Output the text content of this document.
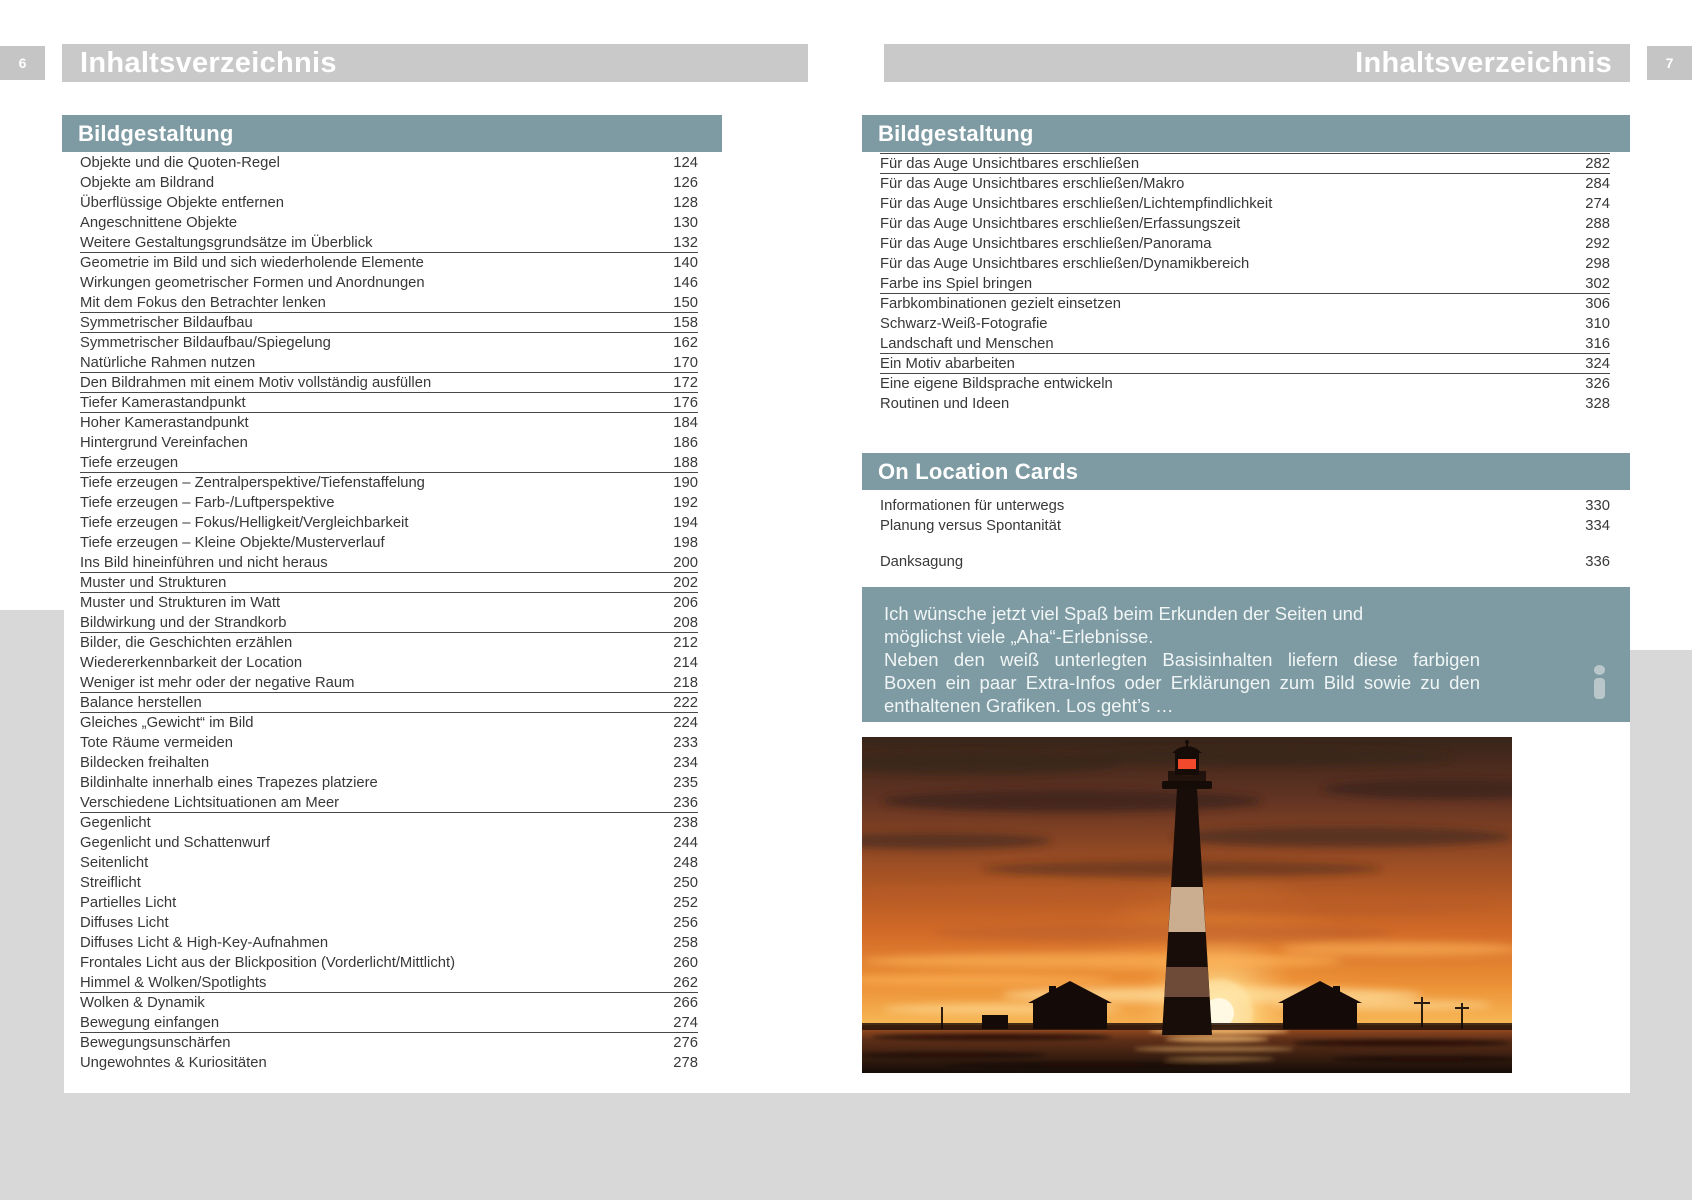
6	Inhaltsverzeichnis	7
Inhaltsverzeichnis
Bildgestaltung
Objekte und die Quoten-Regel	124
Objekte am Bildrand	126
Überflüssige Objekte entfernen	128
Angeschnittene Objekte	130
Weitere Gestaltungsgrundsätze im Überblick	132
Geometrie im Bild und sich wiederholende Elemente	140
Wirkungen geometrischer Formen und Anordnungen	146
Mit dem Fokus den Betrachter lenken	150
Symmetrischer Bildaufbau	158
Symmetrischer Bildaufbau/Spiegelung	162
Natürliche Rahmen nutzen	170
Den Bildrahmen mit einem Motiv vollständig ausfüllen	172
Tiefer Kamerastandpunkt	176
Hoher Kamerastandpunkt	184
Hintergrund Vereinfachen	186
Tiefe erzeugen	188
Tiefe erzeugen – Zentralperspektive/Tiefenstaffelung	190
Tiefe erzeugen – Farb-/Luftperspektive	192
Tiefe erzeugen – Fokus/Helligkeit/Vergleichbarkeit	194
Tiefe erzeugen – Kleine Objekte/Musterverlauf	198
Ins Bild hineinführen und nicht heraus	200
Muster und Strukturen	202
Muster und Strukturen im Watt	206
Bildwirkung und der Strandkorb	208
Bilder, die Geschichten erzählen	212
Wiedererkennbarkeit der Location	214
Weniger ist mehr oder der negative Raum	218
Balance herstellen	222
Gleiches „Gewicht“ im Bild	224
Tote Räume vermeiden	233
Bildecken freihalten	234
Bildinhalte innerhalb eines Trapezes platziere	235
Verschiedene Lichtsituationen am Meer	236
Gegenlicht	238
Gegenlicht und Schattenwurf	244
Seitenlicht	248
Streiflicht	250
Partielles Licht	252
Diffuses Licht	256
Diffuses Licht & High-Key-Aufnahmen	258
Frontales Licht aus der Blickposition (Vorderlicht/Mittlicht)	260
Himmel & Wolken/Spotlights	262
Wolken & Dynamik	266
Bewegung einfangen	274
Bewegungsunschärfen	276
Ungewohntes & Kuriositäten	278
Bildgestaltung
Für das Auge Unsichtbares erschließen	282
Für das Auge Unsichtbares erschließen/Makro	284
Für das Auge Unsichtbares erschließen/Lichtempfindlichkeit	274
Für das Auge Unsichtbares erschließen/Erfassungszeit	288
Für das Auge Unsichtbares erschließen/Panorama	292
Für das Auge Unsichtbares erschließen/Dynamikbereich	298
Farbe ins Spiel bringen	302
Farbkombinationen gezielt einsetzen	306
Schwarz-Weiß-Fotografie	310
Landschaft und Menschen	316
Ein Motiv abarbeiten	324
Eine eigene Bildsprache entwickeln	326
Routinen und Ideen	328
On Location Cards
Informationen für unterwegs	330
Planung versus Spontanität	334
Danksagung	336
Ich wünsche jetzt viel Spaß beim Erkunden der Seiten und
möglichst viele „Aha“-Erlebnisse.
Neben den weiß unterlegten Basisinhalten liefern diese farbigen
Boxen ein paar Extra-Infos oder Erklärungen zum Bild sowie zu den
enthaltenen Grafiken. Los geht’s …
